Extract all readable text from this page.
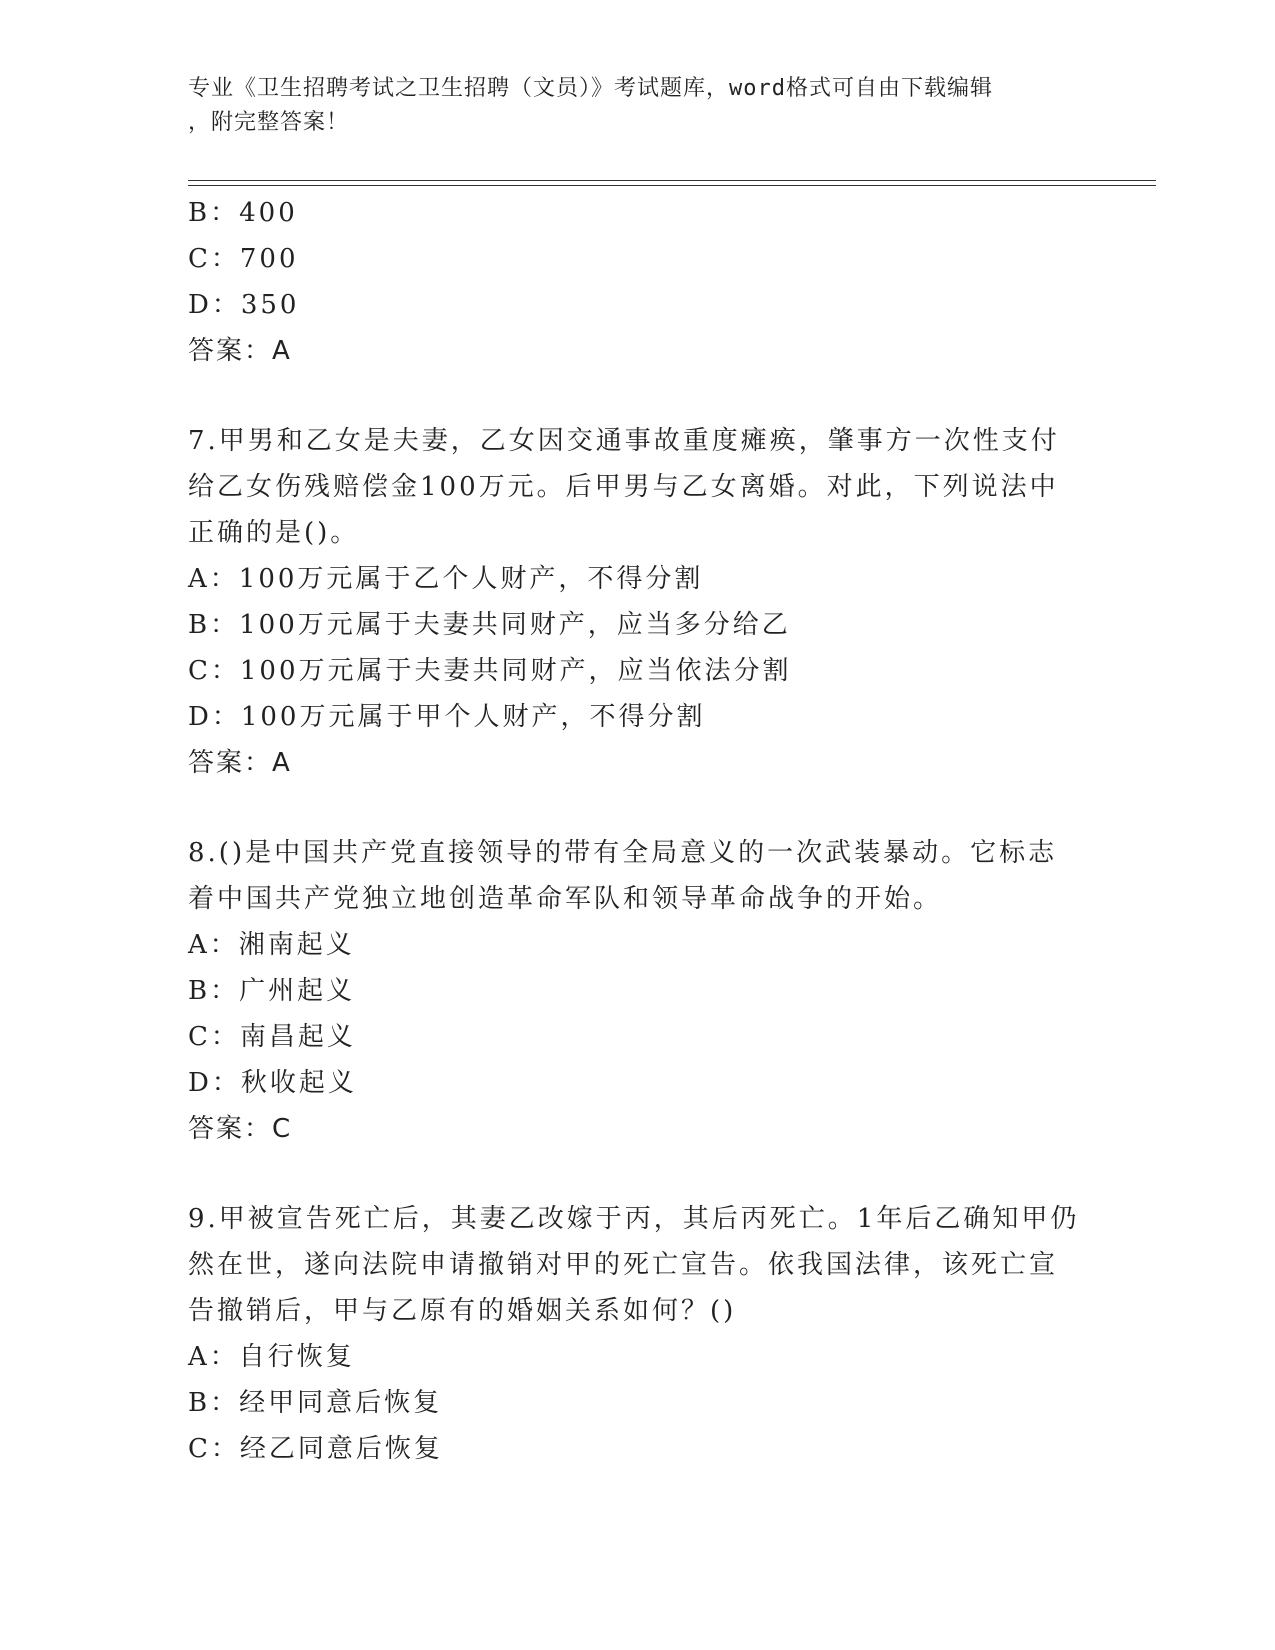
专业《卫生招聘考试之卫生招聘（文员）》考试题库，word格式可自由下载编辑
，附完整答案！
B：400
C：700
D：350
答案：A
7.甲男和乙女是夫妻，乙女因交通事故重度瘫痪，肇事方一次性支付
给乙女伤残赔偿金100万元。后甲男与乙女离婚。对此，下列说法中
正确的是()。
A：100万元属于乙个人财产，不得分割
B：100万元属于夫妻共同财产，应当多分给乙
C：100万元属于夫妻共同财产，应当依法分割
D：100万元属于甲个人财产，不得分割
答案：A
8.()是中国共产党直接领导的带有全局意义的一次武装暴动。它标志
着中国共产党独立地创造革命军队和领导革命战争的开始。
A：湘南起义
B：广州起义
C：南昌起义
D：秋收起义
答案：C
9.甲被宣告死亡后，其妻乙改嫁于丙，其后丙死亡。1年后乙确知甲仍
然在世，遂向法院申请撤销对甲的死亡宣告。依我国法律，该死亡宣
告撤销后，甲与乙原有的婚姻关系如何？()
A：自行恢复
B：经甲同意后恢复
C：经乙同意后恢复
